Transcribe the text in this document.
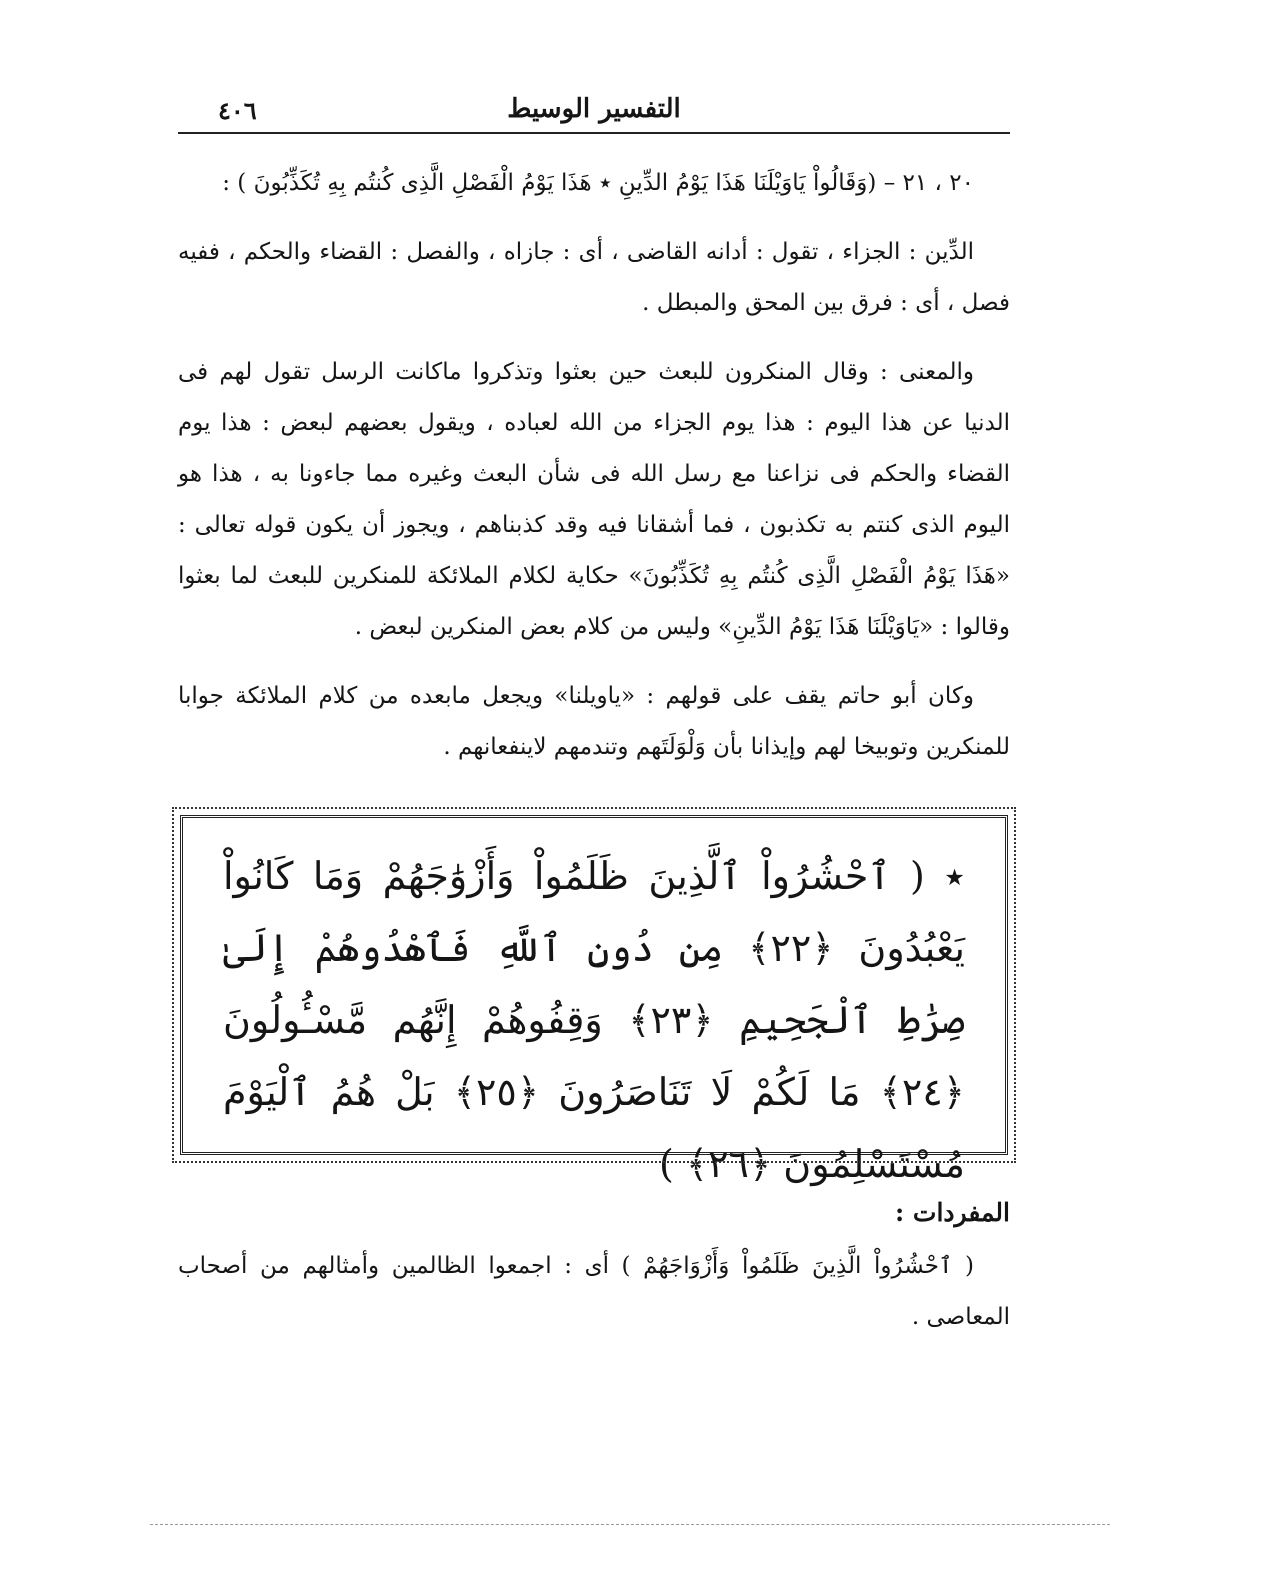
التفسير الوسيط
٤٠٦

٢٠ ، ٢١ – (وَقَالُواْ يَاوَيْلَنَا هَذَا يَوْمُ الدِّينِ ٭ هَذَا يَوْمُ الْفَصْلِ الَّذِى كُنتُم بِهِ تُكَذِّبُونَ ) :

الدِّين : الجزاء ، تقول : أدانه القاضى ، أى : جازاه ، والفصل : القضاء والحكم ، ففيه فصل ، أى : فرق بين المحق والمبطل .

والمعنى : وقال المنكرون للبعث حين بعثوا وتذكروا ماكانت الرسل تقول لهم فى الدنيا عن هذا اليوم : هذا يوم الجزاء من الله لعباده ، ويقول بعضهم لبعض : هذا يوم القضاء والحكم فى نزاعنا مع رسل الله فى شأن البعث وغيره مما جاءونا به ، هذا هو اليوم الذى كنتم به تكذبون ، فما أشقانا فيه وقد كذبناهم ، ويجوز أن يكون قوله تعالى : «هَذَا يَوْمُ الْفَصْلِ الَّذِى كُنتُم بِهِ تُكَذِّبُونَ» حكاية لكلام الملائكة للمنكرين للبعث لما بعثوا وقالوا : «يَاوَيْلَنَا هَذَا يَوْمُ الدِّينِ» وليس من كلام بعض المنكرين لبعض .

وكان أبو حاتم يقف على قولهم : «ياويلنا» ويجعل مابعده من كلام الملائكة جوابا للمنكرين وتوبيخا لهم وإيذانا بأن وَلْوَلَتَهم وتندمهم لاينفعانهم .

٭ ( ٱحْشُرُواْ ٱلَّذِينَ ظَلَمُواْ وَأَزْوَٰجَهُمْ وَمَا كَانُواْ يَعْبُدُونَ ﴿٢٢﴾ مِن دُونِ ٱللَّهِ فَٱهْدُوهُمْ إِلَىٰ صِرَٰطِ ٱلْجَحِيمِ ﴿٢٣﴾ وَقِفُوهُمْ إِنَّهُم مَّسْـُٔولُونَ ﴿٢٤﴾ مَا لَكُمْ لَا تَنَاصَرُونَ ﴿٢٥﴾ بَلْ هُمُ ٱلْيَوْمَ مُسْتَسْلِمُونَ ﴿٢٦﴾ )

المفردات :

( ٱحْشُرُواْ الَّذِينَ ظَلَمُواْ وَأَزْوَاجَهُمْ ) أى : اجمعوا الظالمين وأمثالهم من أصحاب المعاصى .
